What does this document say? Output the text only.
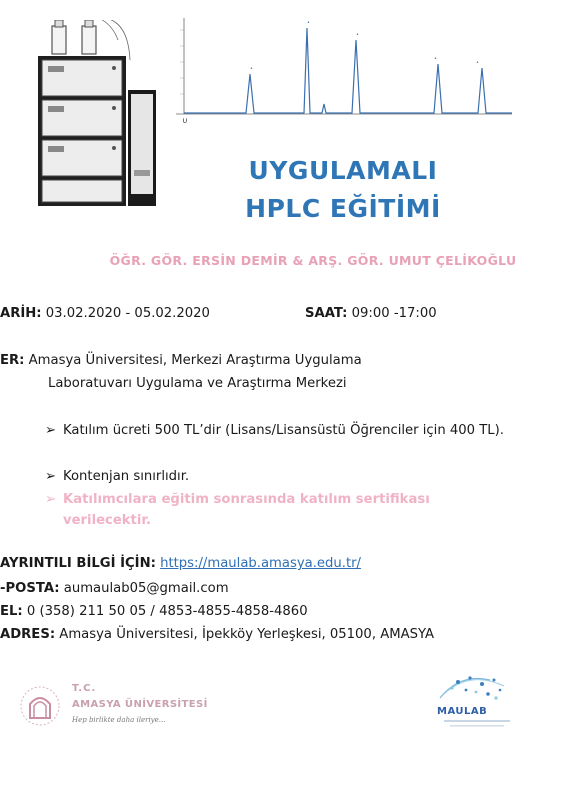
•
•
•
•
•
∪
UYGULAMALI
HPLC EĞİTİMİ
ÖĞR. GÖR. ERSİN DEMİR & ARŞ. GÖR. UMUT ÇELİKOĞLU
ARİH: 03.02.2020 - 05.02.2020	SAAT: 09:00 -17:00
ER: Amasya Üniversitesi, Merkezi Araştırma Uygulama
Laboratuvarı Uygulama ve Araştırma Merkezi
➢ Katılım ücreti 500 TL’dir (Lisans/Lisansüstü Öğrenciler için 400 TL).
➢ Kontenjan sınırlıdır.
➢ Katılımcılara eğitim sonrasında katılım sertifikası verilecektir.
AYRINTILI BİLGİ İÇİN: https://maulab.amasya.edu.tr/
-POSTA: aumaulab05@gmail.com
EL: 0 (358) 211 50 05 / 4853-4855-4858-4860
ADRES: Amasya Üniversitesi, İpekköy Yerleşkesi, 05100, AMASYA
T.C.
AMASYA ÜNİVERSİTESİ
Hep birlikte daha ileriye...
MAULAB
